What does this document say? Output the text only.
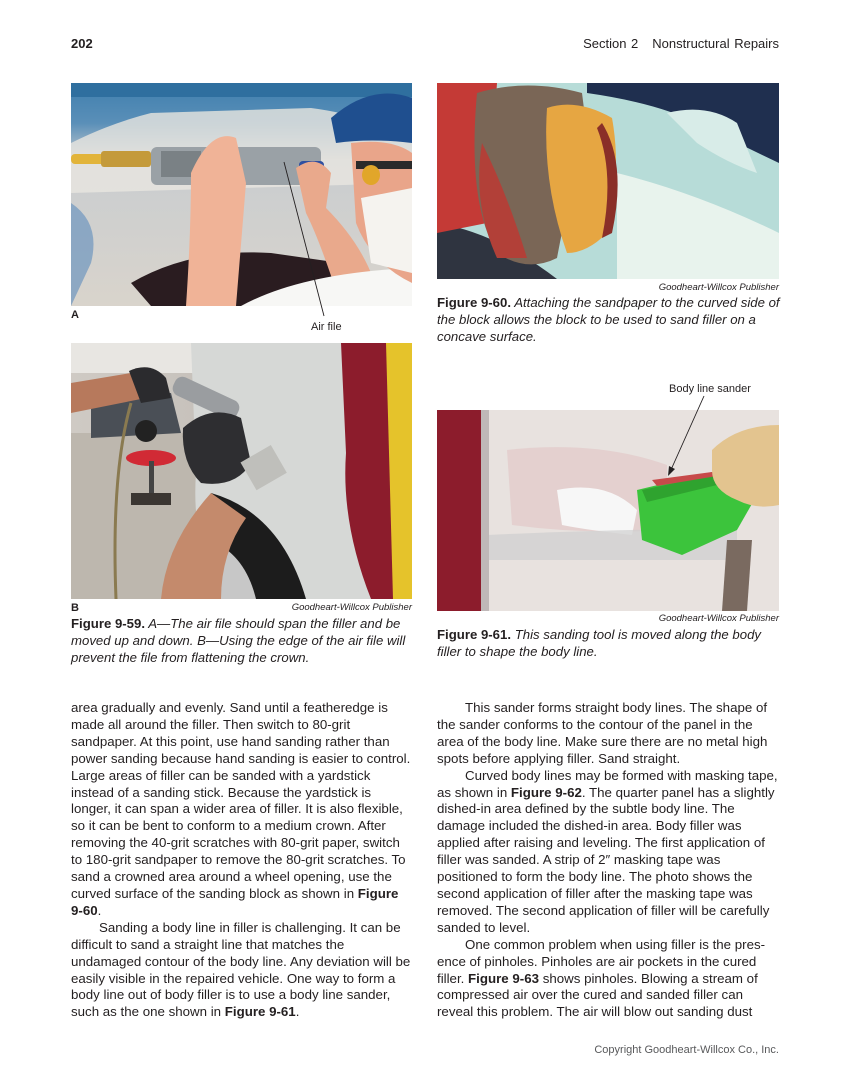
202	Section 2 Nonstructural Repairs
A
Air file
B	Goodheart-Willcox Publisher
Figure 9-59. A—The air file should span the filler and be moved up and down. B—Using the edge of the air file will prevent the file from flattening the crown.
Goodheart-Willcox Publisher
Figure 9-60. Attaching the sandpaper to the curved side of the block allows the block to be used to sand filler on a concave surface.
Body line sander
Goodheart-Willcox Publisher
Figure 9-61. This sanding tool is moved along the body filler to shape the body line.

area gradually and evenly. Sand until a featheredge is made all around the filler. Then switch to 80-grit sandpaper. At this point, use hand sanding rather than power sanding because hand sanding is easier to control. Large areas of filler can be sanded with a yardstick instead of a sanding stick. Because the yardstick is longer, it can span a wider area of filler. It is also flexible, so it can be bent to conform to a medium crown. After removing the 40-grit scratches with 80-grit paper, switch to 180-grit sandpaper to remove the 80-grit scratches. To sand a crowned area around a wheel opening, use the curved surface of the sanding block as shown in Figure 9-60.

Sanding a body line in filler is challenging. It can be difficult to sand a straight line that matches the undamaged contour of the body line. Any deviation will be easily visible in the repaired vehicle. One way to form a body line out of body filler is to use a body line sander, such as the one shown in Figure 9-61.

This sander forms straight body lines. The shape of the sander conforms to the contour of the panel in the area of the body line. Make sure there are no metal high spots before applying filler. Sand straight.

Curved body lines may be formed with masking tape, as shown in Figure 9-62. The quarter panel has a slightly dished-in area defined by the subtle body line. The damage included the dished-in area. Body filler was applied after raising and leveling. The first application of filler was sanded. A strip of 2″ masking tape was positioned to form the body line. The photo shows the second application of filler after the masking tape was removed. The second application of filler will be carefully sanded to level.

One common problem when using filler is the presence of pinholes. Pinholes are air pockets in the cured filler. Figure 9-63 shows pinholes. Blowing a stream of compressed air over the cured and sanded filler can reveal this problem. The air will blow out sanding dust

Copyright Goodheart-Willcox Co., Inc.
